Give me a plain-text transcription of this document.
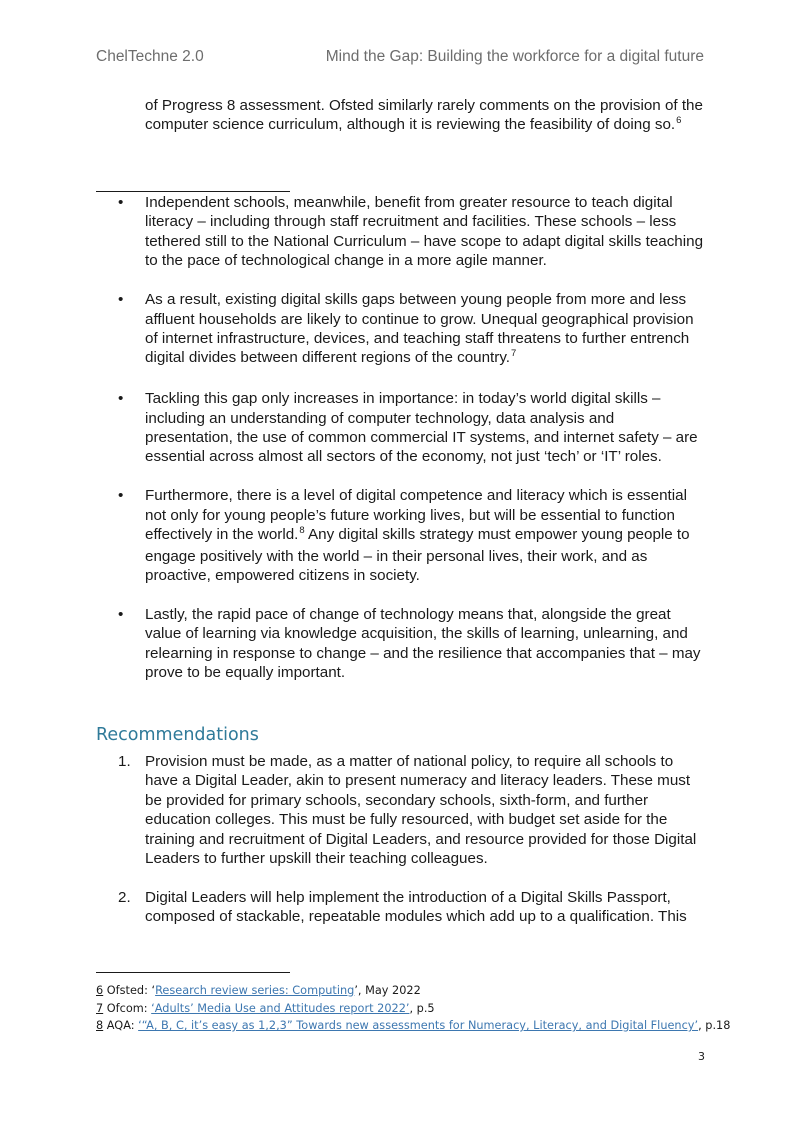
ChelTechne 2.0	Mind the Gap: Building the workforce for a digital future
of Progress 8 assessment. Ofsted similarly rarely comments on the provision of the computer science curriculum, although it is reviewing the feasibility of doing so.$^6$
• Independent schools, meanwhile, benefit from greater resource to teach digital literacy – including through staff recruitment and facilities. These schools – less tethered still to the National Curriculum – have scope to adapt digital skills teaching to the pace of technological change in a more agile manner.
• As a result, existing digital skills gaps between young people from more and less affluent households are likely to continue to grow. Unequal geographical provision of internet infrastructure, devices, and teaching staff threatens to further entrench digital divides between different regions of the country.$^7$
• Tackling this gap only increases in importance: in today’s world digital skills – including an understanding of computer technology, data analysis and presentation, the use of common commercial IT systems, and internet safety – are essential across almost all sectors of the economy, not just ‘tech’ or ‘IT’ roles.
• Furthermore, there is a level of digital competence and literacy which is essential not only for young people’s future working lives, but will be essential to function effectively in the world.$^8$ Any digital skills strategy must empower young people to engage positively with the world – in their personal lives, their work, and as proactive, empowered citizens in society.
• Lastly, the rapid pace of change of technology means that, alongside the great value of learning via knowledge acquisition, the skills of learning, unlearning, and relearning in response to change – and the resilience that accompanies that – may prove to be equally important.
Recommendations
1. Provision must be made, as a matter of national policy, to require all schools to have a Digital Leader, akin to present numeracy and literacy leaders. These must be provided for primary schools, secondary schools, sixth-form, and further education colleges. This must be fully resourced, with budget set aside for the training and recruitment of Digital Leaders, and resource provided for those Digital Leaders to further upskill their teaching colleagues.
2. Digital Leaders will help implement the introduction of a Digital Skills Passport, composed of stackable, repeatable modules which add up to a qualification. This
6 Ofsted: ‘Research review series: Computing’, May 2022
7 Ofcom: ‘Adults’ Media Use and Attitudes report 2022’, p.5
8 AQA: ‘“A, B, C, it’s easy as 1,2,3” Towards new assessments for Numeracy, Literacy, and Digital Fluency’, p.18
3
